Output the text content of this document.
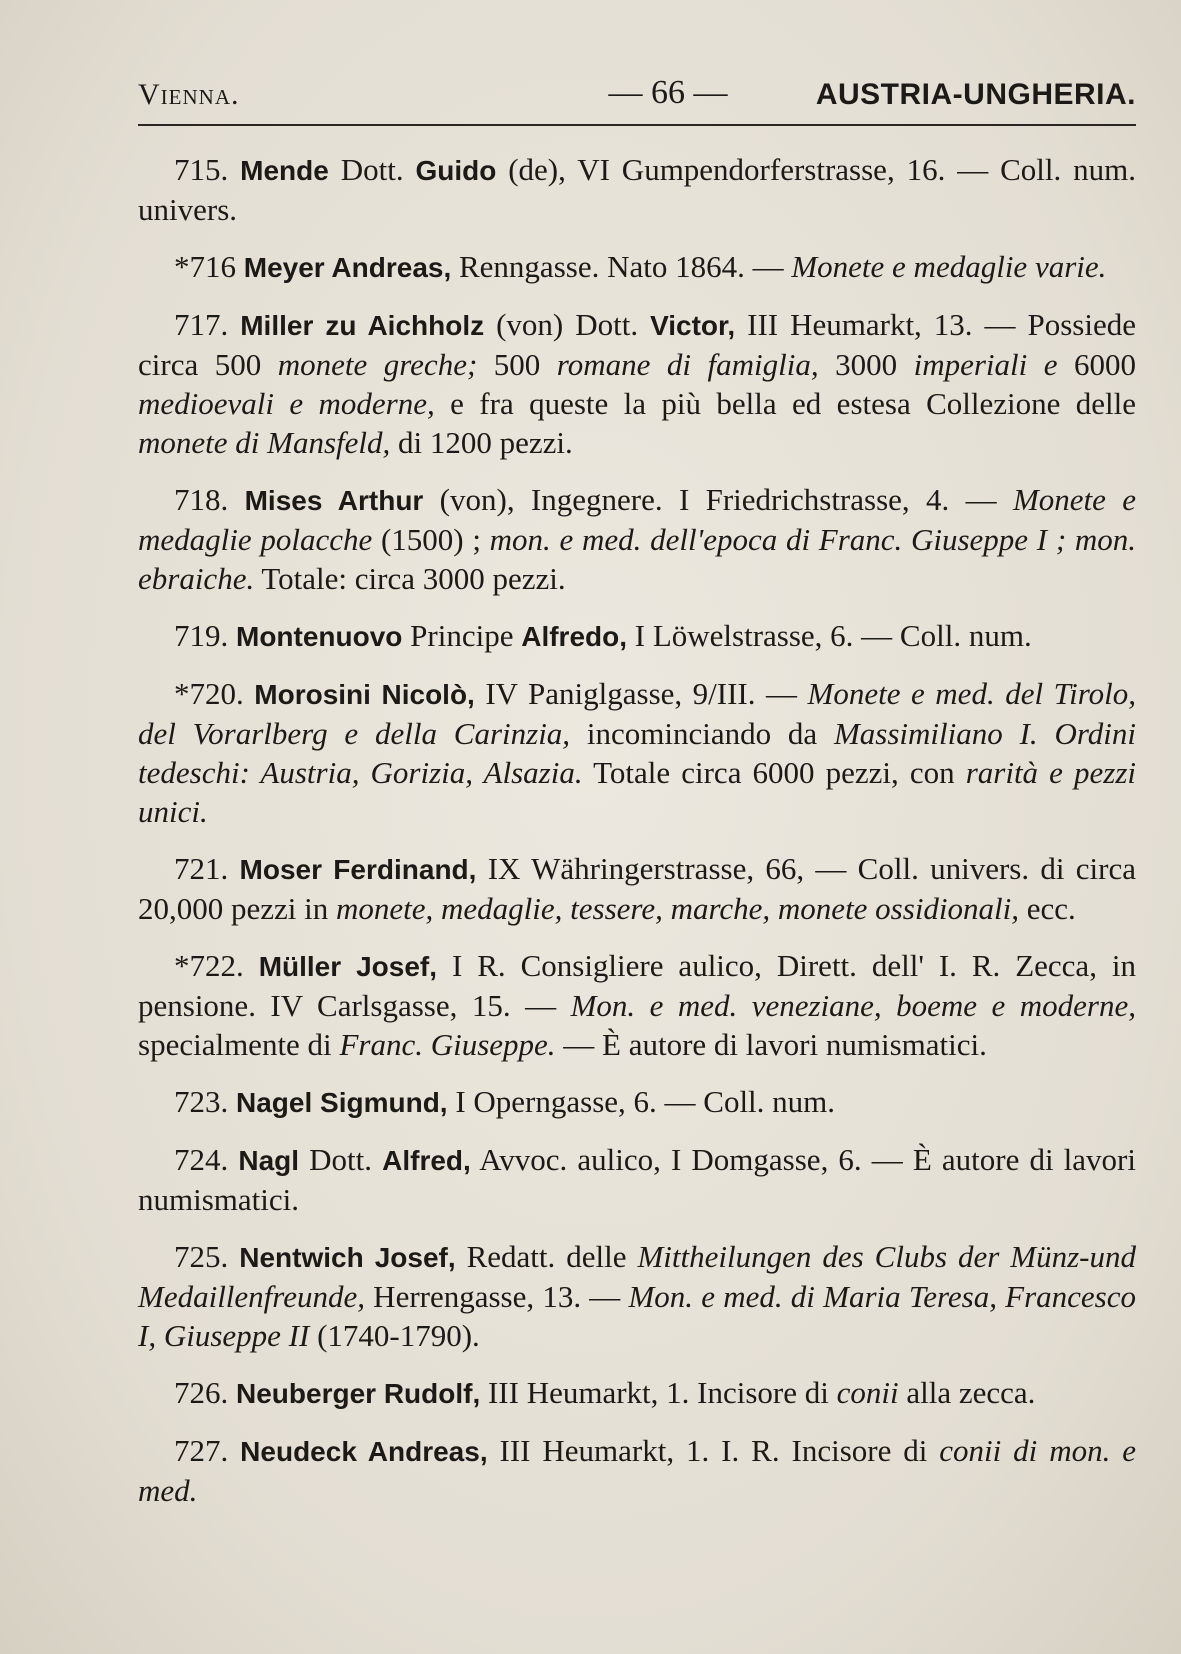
Vienna.	— 66 —	AUSTRIA-UNGHERIA.

715. Mende Dott. Guido (de), VI Gumpendorferstrasse, 16. — Coll. num. univers.

*716 Meyer Andreas, Renngasse. Nato 1864. — Monete e medaglie varie.

717. Miller zu Aichholz (von) Dott. Victor, III Heumarkt, 13. — Possiede circa 500 monete greche; 500 romane di famiglia, 3000 imperiali e 6000 medioevali e moderne, e fra queste la più bella ed estesa Collezione delle monete di Mansfeld, di 1200 pezzi.

718. Mises Arthur (von), Ingegnere. I Friedrichstrasse, 4. — Monete e medaglie polacche (1500) ; mon. e med. dell'epoca di Franc. Giuseppe I ; mon. ebraiche. Totale: circa 3000 pezzi.

719. Montenuovo Principe Alfredo, I Löwelstrasse, 6. — Coll. num.

*720. Morosini Nicolò, IV Paniglgasse, 9/III. — Monete e med. del Tirolo, del Vorarlberg e della Carinzia, incominciando da Massimiliano I. Ordini tedeschi: Austria, Gorizia, Alsazia. Totale circa 6000 pezzi, con rarità e pezzi unici.

721. Moser Ferdinand, IX Währingerstrasse, 66, — Coll. univers. di circa 20,000 pezzi in monete, medaglie, tessere, marche, monete ossidionali, ecc.

*722. Müller Josef, I R. Consigliere aulico, Dirett. dell' I. R. Zecca, in pensione. IV Carlsgasse, 15. — Mon. e med. veneziane, boeme e moderne, specialmente di Franc. Giuseppe. — È autore di lavori numismatici.

723. Nagel Sigmund, I Operngasse, 6. — Coll. num.

724. Nagl Dott. Alfred, Avvoc. aulico, I Domgasse, 6. — È autore di lavori numismatici.

725. Nentwich Josef, Redatt. delle Mittheilungen des Clubs der Münz-und Medaillenfreunde, Herrengasse, 13. — Mon. e med. di Maria Teresa, Francesco I, Giuseppe II (1740-1790).

726. Neuberger Rudolf, III Heumarkt, 1. Incisore di conii alla zecca.

727. Neudeck Andreas, III Heumarkt, 1. I. R. Incisore di conii di mon. e med.
